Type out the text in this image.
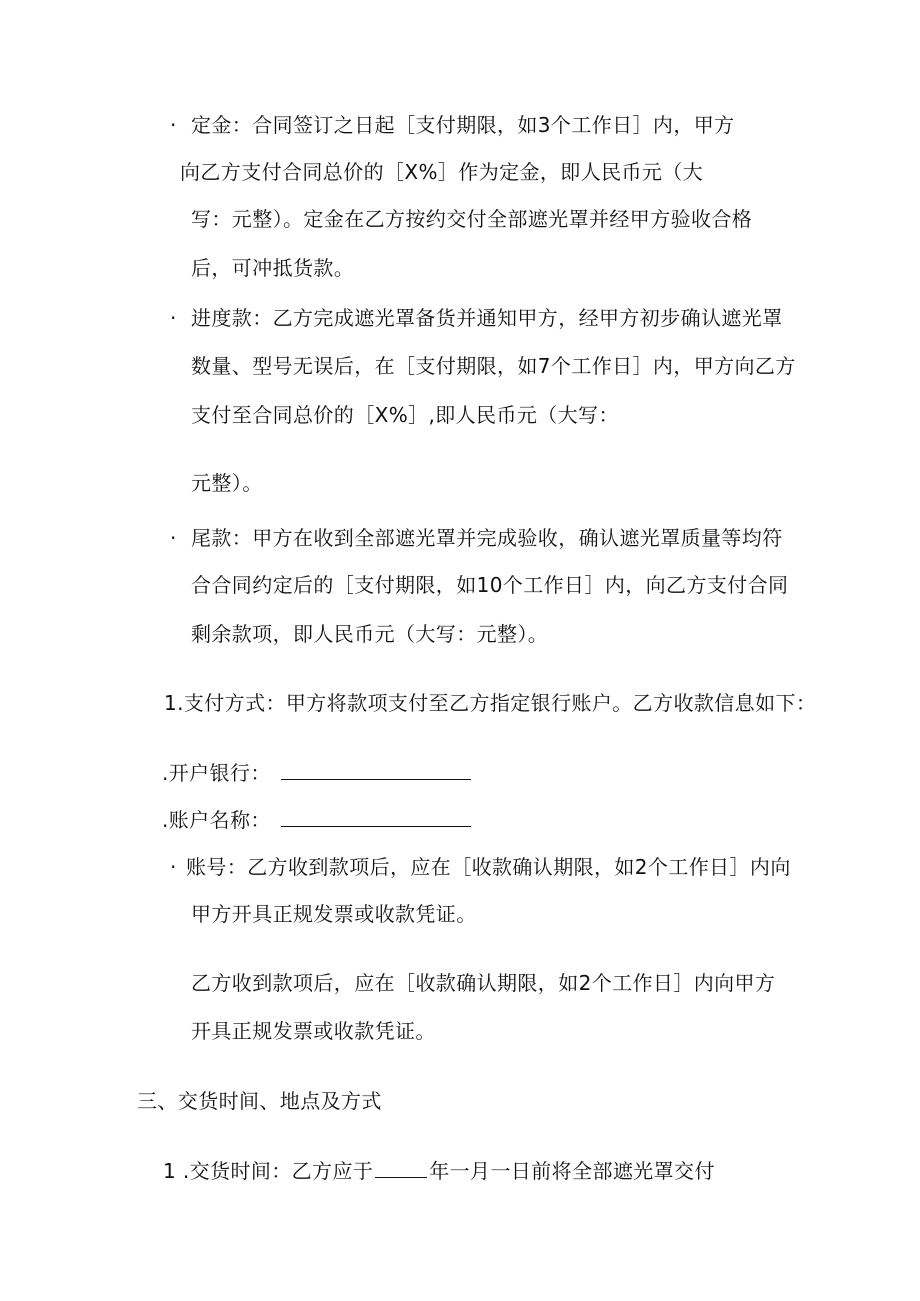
· 定金：合同签订之日起［支付期限，如3个工作日］内，甲方
向乙方支付合同总价的［X%］作为定金，即人民币元（大
写：元整）。定金在乙方按约交付全部遮光罩并经甲方验收合格
后，可冲抵货款。
· 进度款：乙方完成遮光罩备货并通知甲方，经甲方初步确认遮光罩
数量、型号无误后，在［支付期限，如7个工作日］内，甲方向乙方
支付至合同总价的［X%］,即人民币元（大写：
元整）。
· 尾款：甲方在收到全部遮光罩并完成验收，确认遮光罩质量等均符
合合同约定后的［支付期限，如10个工作日］内，向乙方支付合同
剩余款项，即人民币元（大写：元整）。
1.支付方式：甲方将款项支付至乙方指定银行账户。乙方收款信息如下：
.开户银行：
.账户名称：
· 账号：乙方收到款项后，应在［收款确认期限，如2个工作日］内向
甲方开具正规发票或收款凭证。
乙方收到款项后，应在［收款确认期限，如2个工作日］内向甲方
开具正规发票或收款凭证。
三、交货时间、地点及方式
1 .交货时间：乙方应于	年一月一日前将全部遮光罩交付
